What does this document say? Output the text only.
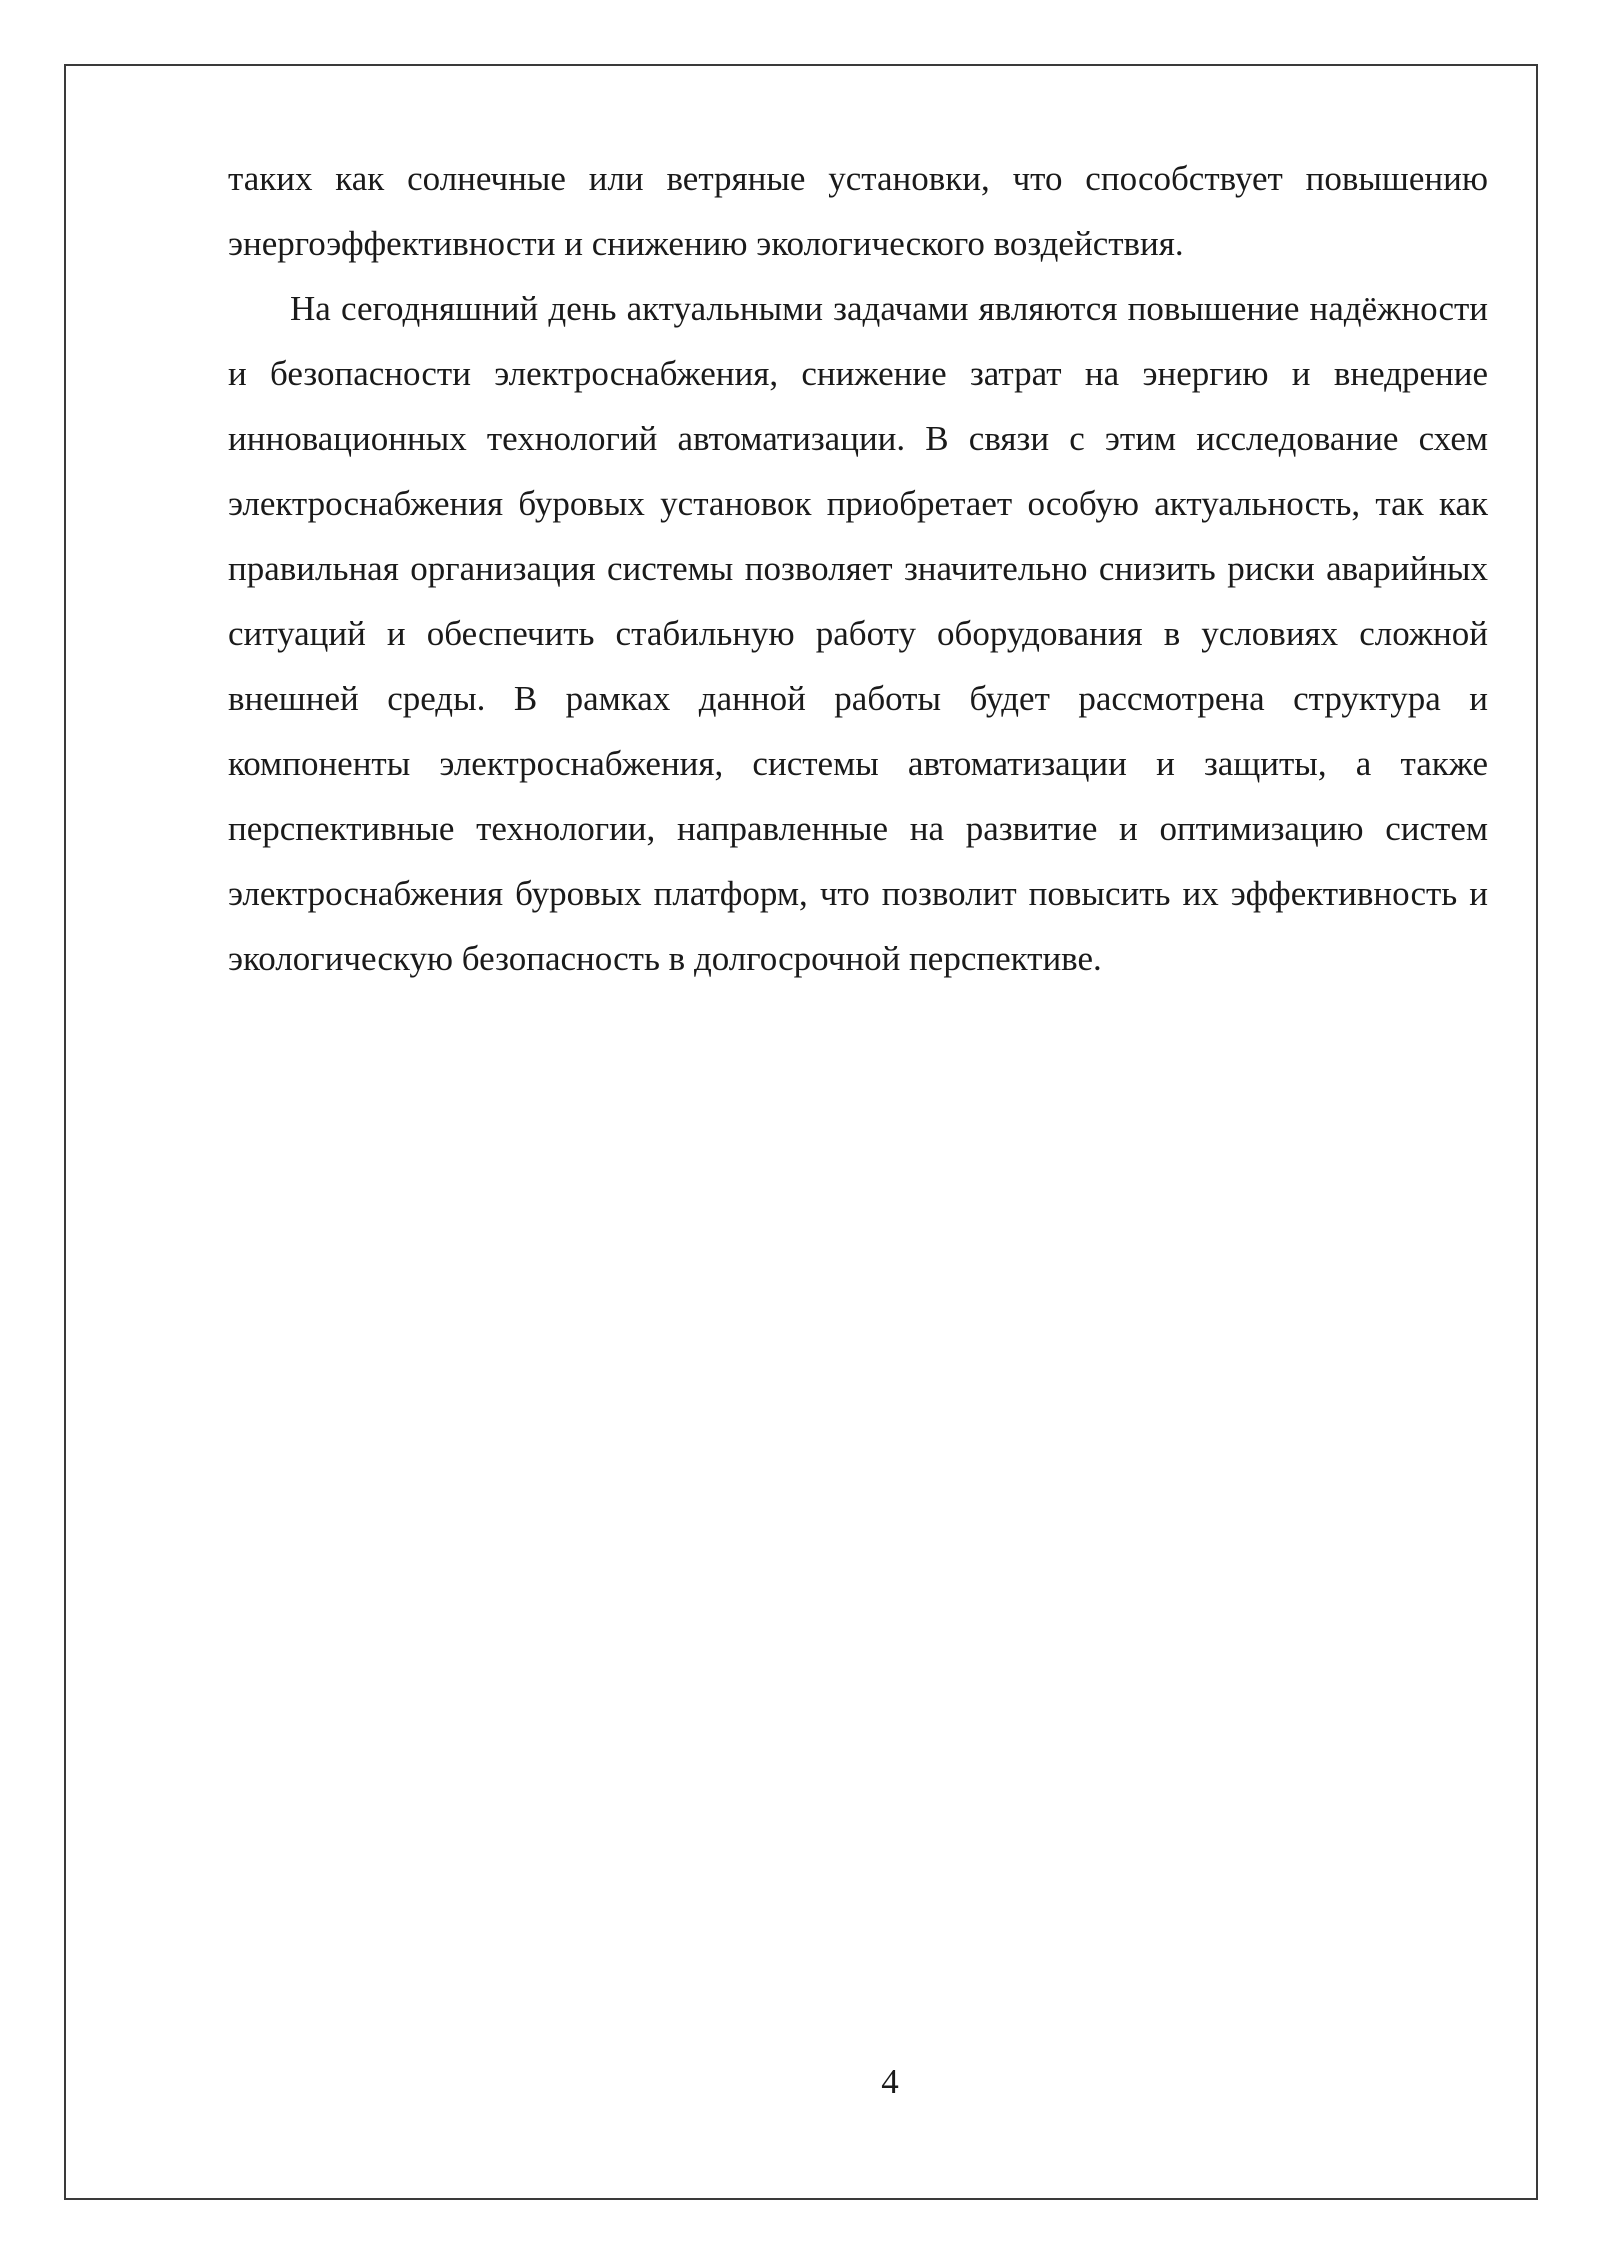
таких как солнечные или ветряные установки, что способствует повышению энергоэффективности и снижению экологического воздействия.

На сегодняшний день актуальными задачами являются повышение надёжности и безопасности электроснабжения, снижение затрат на энергию и внедрение инновационных технологий автоматизации. В связи с этим исследование схем электроснабжения буровых установок приобретает особую актуальность, так как правильная организация системы позволяет значительно снизить риски аварийных ситуаций и обеспечить стабильную работу оборудования в условиях сложной внешней среды. В рамках данной работы будет рассмотрена структура и компоненты электроснабжения, системы автоматизации и защиты, а также перспективные технологии, направленные на развитие и оптимизацию систем электроснабжения буровых платформ, что позволит повысить их эффективность и экологическую безопасность в долгосрочной перспективе.

4
